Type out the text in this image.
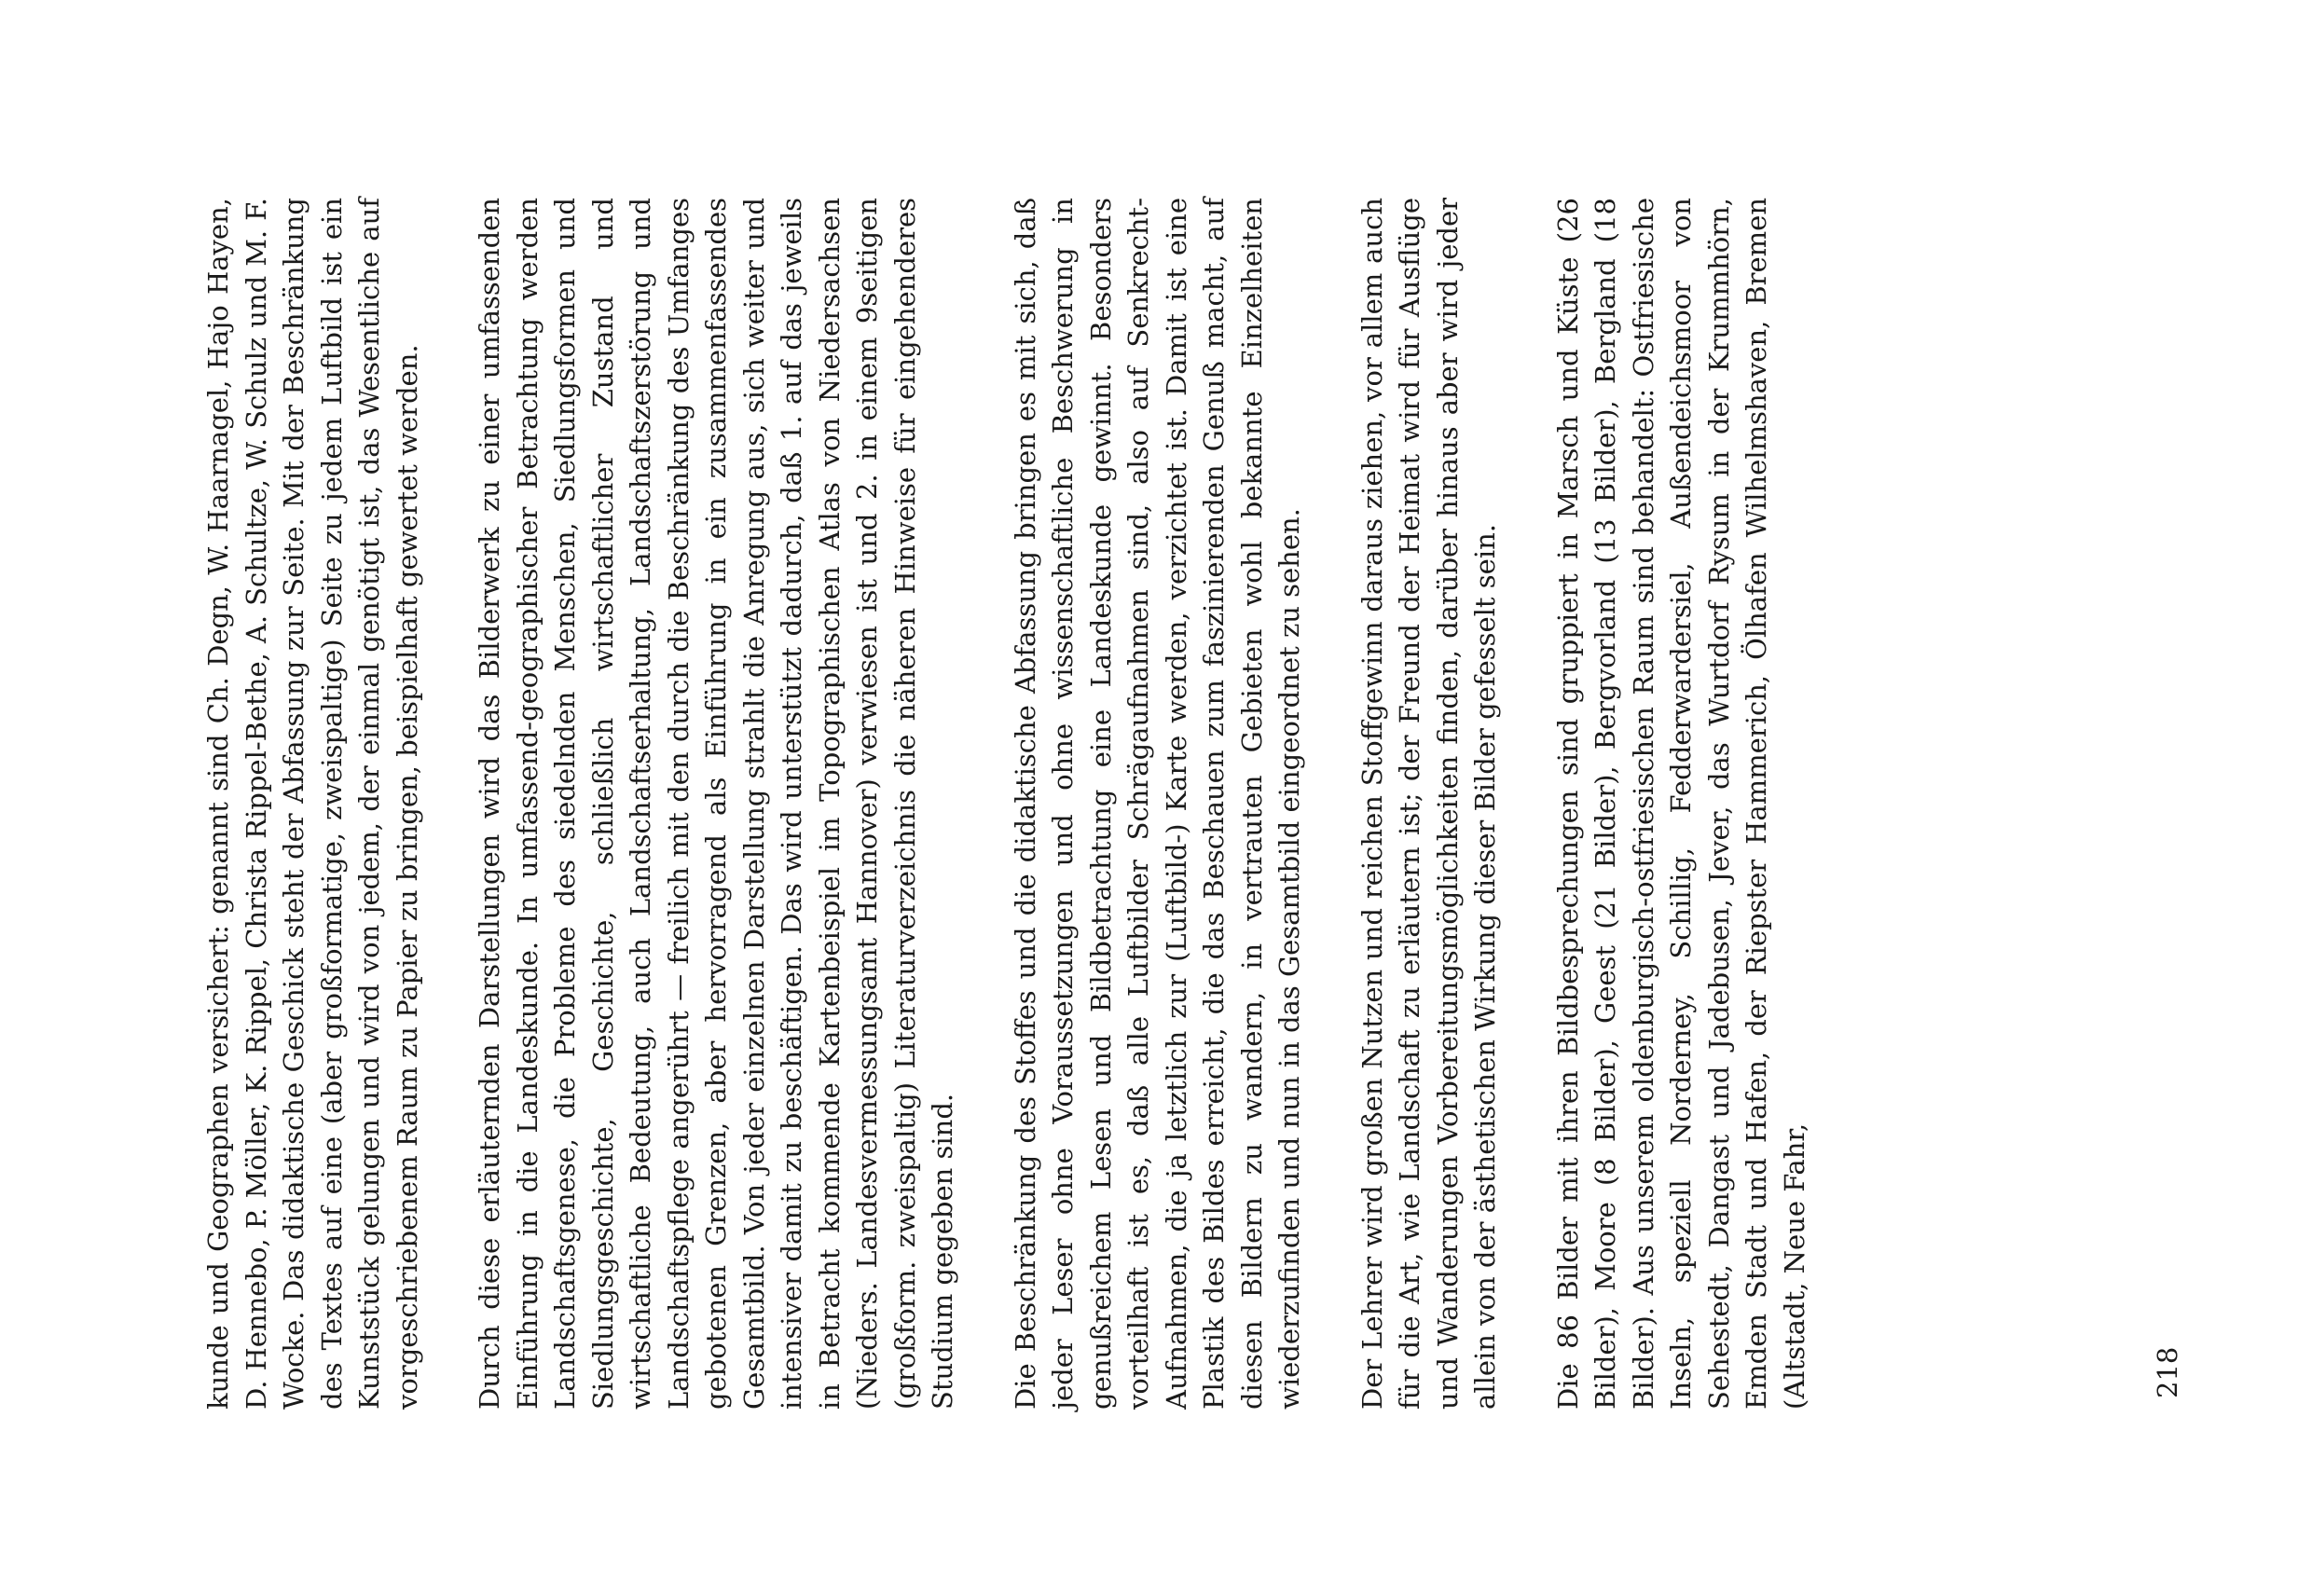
kunde und Geographen versichert: genannt sind Ch. Degn, W. Haarnagel, Hajo Hayen, D. Hennebo, P. Möller, K. Rippel, Christa Rippel-Bethe, A. Schultze, W. Schulz und M. F. Wocke. Das didaktische Geschick steht der Abfassung zur Seite. Mit der Beschränkung des Textes auf eine (aber großformatige, zweispaltige) Seite zu jedem Luftbild ist ein Kunststück gelungen und wird von jedem, der einmal genötigt ist, das Wesentliche auf vorgeschriebenem Raum zu Papier zu bringen, beispielhaft gewertet werden. Durch diese erläuternden Darstellungen wird das Bilderwerk zu einer umfassenden Einführung in die Landeskunde. In umfassend-geographischer Betrachtung werden Landschaftsgenese, die Probleme des siedelnden Menschen, Siedlungsformen und Siedlungsgeschichte, Geschichte, schließlich wirtschaftlicher Zustand und wirtschaftliche Bedeutung, auch Landschaftserhaltung, Landschaftszerstörung und Landschaftspflege angerührt — freilich mit den durch die Beschränkung des Umfanges gebotenen Grenzen, aber hervorragend als Einführung in ein zusammenfassendes Gesamtbild. Von jeder einzelnen Darstellung strahlt die Anregung aus, sich weiter und intensiver damit zu beschäftigen. Das wird unterstützt dadurch, daß 1. auf das jeweils in Betracht kommende Kartenbeispiel im Topographischen Atlas von Niedersachsen (Nieders. Landesvermessungsamt Hannover) verwiesen ist und 2. in einem 9seitigen (großform. zweispaltig) Literaturverzeichnis die näheren Hinweise für eingehenderes Studium gegeben sind. Die Beschränkung des Stoffes und die didaktische Abfassung bringen es mit sich, daß jeder Leser ohne Voraussetzungen und ohne wissenschaftliche Beschwerung in genußreichem Lesen und Bildbetrachtung eine Landeskunde gewinnt. Besonders vorteilhaft ist es, daß alle Luftbilder Schrägaufnahmen sind, also auf Senkrecht-Aufnahmen, die ja letztlich zur (Luftbild-) Karte werden, verzichtet ist. Damit ist eine Plastik des Bildes erreicht, die das Beschauen zum faszinierenden Genuß macht, auf diesen Bildern zu wandern, in vertrauten Gebieten wohl bekannte Einzelheiten wiederzufinden und nun in das Gesamtbild eingeordnet zu sehen. Der Lehrer wird großen Nutzen und reichen Stoffgewinn daraus ziehen, vor allem auch für die Art, wie Landschaft zu erläutern ist; der Freund der Heimat wird für Ausflüge und Wanderungen Vorbereitungsmöglichkeiten finden, darüber hinaus aber wird jeder allein von der ästhetischen Wirkung dieser Bilder gefesselt sein. Die 86 Bilder mit ihren Bildbesprechungen sind gruppiert in Marsch und Küste (26 Bilder), Moore (8 Bilder), Geest (21 Bilder), Bergvorland (13 Bilder), Bergland (18 Bilder). Aus unserem oldenburgisch-ostfriesischen Raum sind behandelt: Ostfriesische Inseln, speziell Norderney, Schillig, Fedderwardersiel, Außendeichsmoor von Sehestedt, Dangast und Jadebusen, Jever, das Wurtdorf Rysum in der Krummhörn, Emden Stadt und Hafen, der Riepster Hammerich, Ölhafen Wilhelmshaven, Bremen (Altstadt, Neue Fahr,	218
